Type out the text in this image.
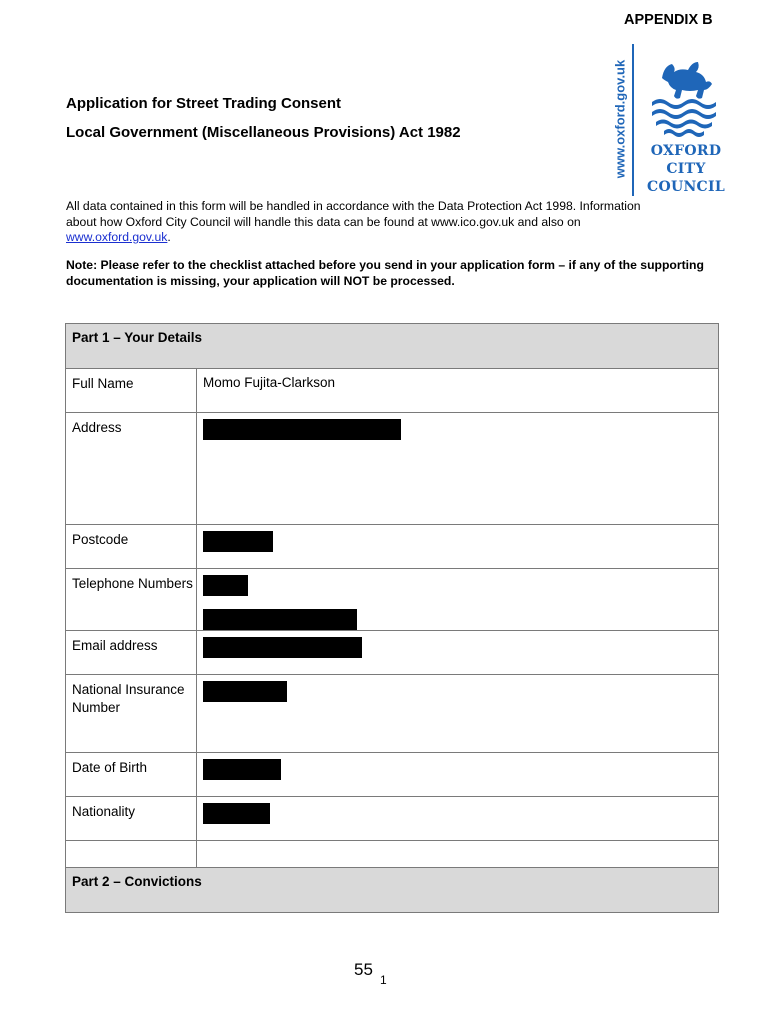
APPENDIX B
Application for Street Trading Consent
Local Government (Miscellaneous Provisions) Act 1982	www.oxford.gov.uk	OXFORD
CITY
COUNCIL
All data contained in this form will be handled in accordance with the Data Protection Act 1998. Information about how Oxford City Council will handle this data can be found at www.ico.gov.uk and also on www.oxford.gov.uk.
Note: Please refer to the checklist attached before you send in your application form – if any of the supporting documentation is missing, your application will NOT be processed.
Part 1 – Your Details	
Full Name	Momo Fujita-Clarkson
Address	

Postcode	

Telephone Numbers	

Email address	

National Insurance Number	

Date of Birth	

Nationality	

Part 2 – Convictions	
55
1
